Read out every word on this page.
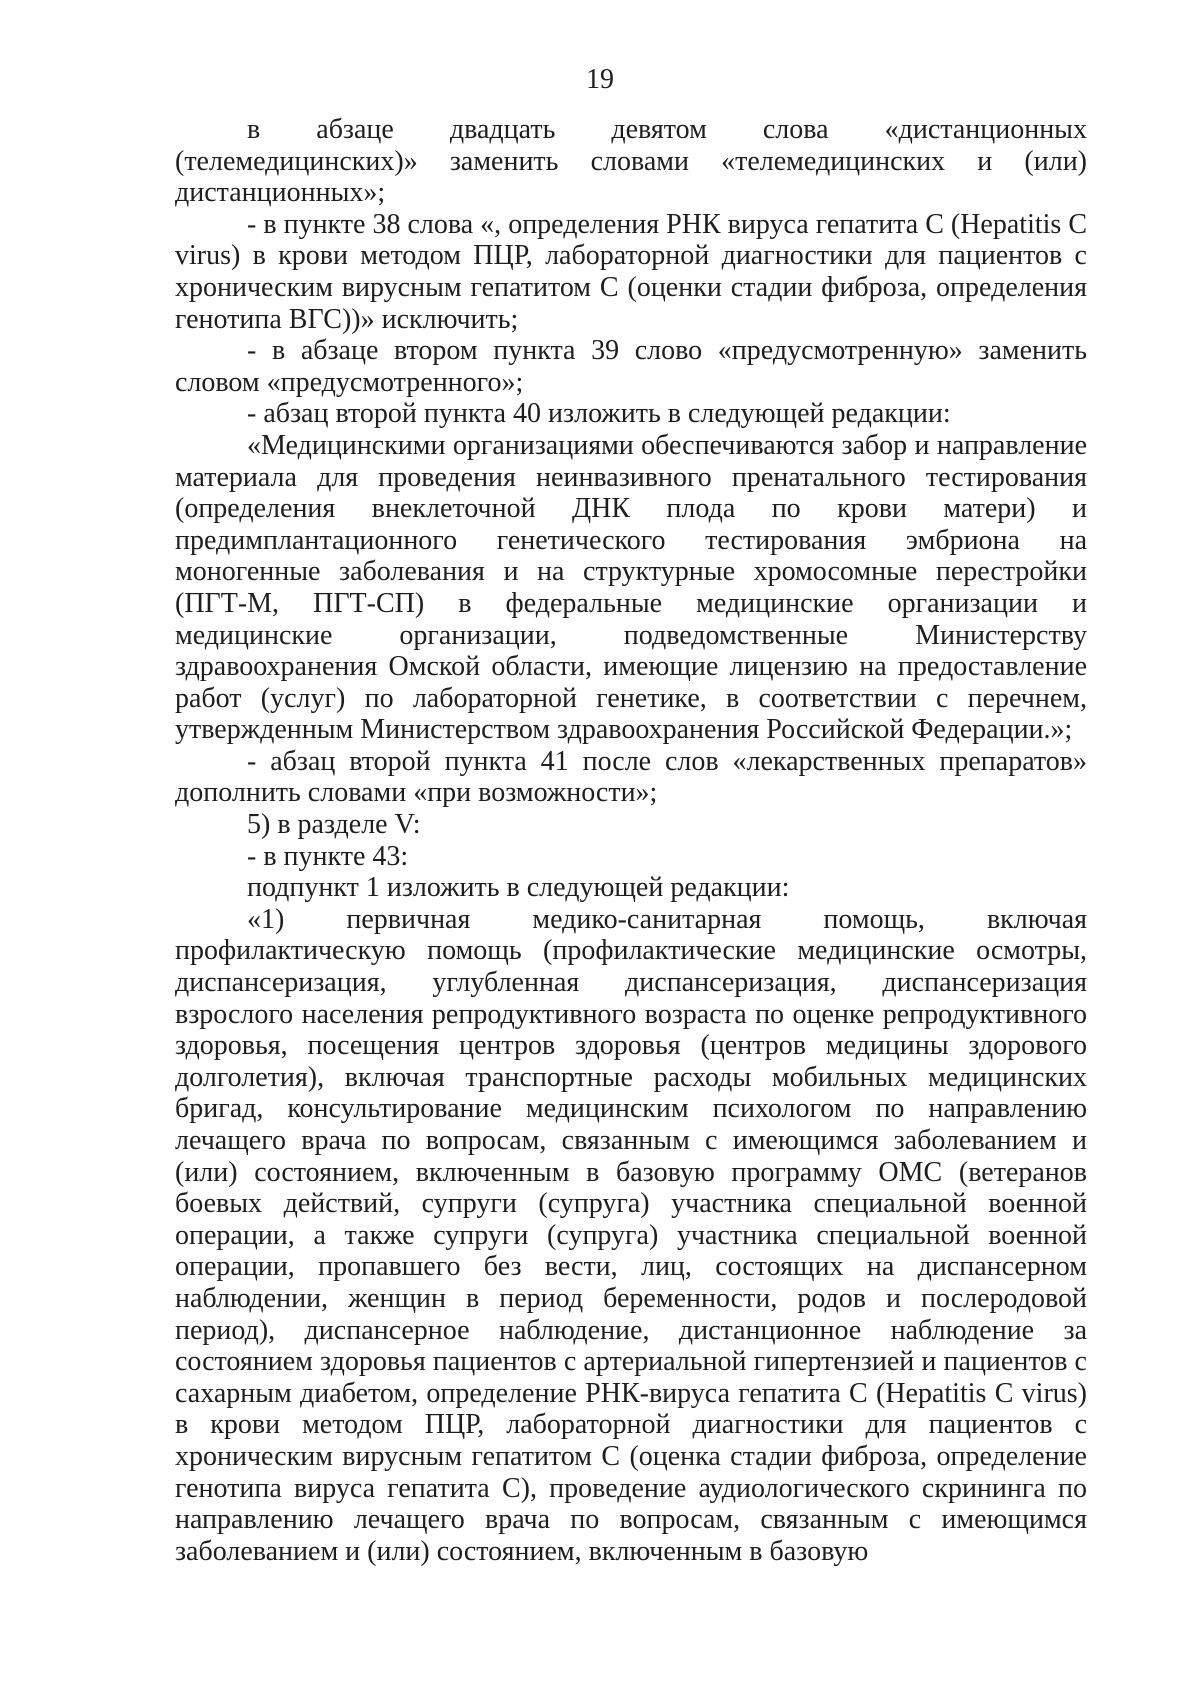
19

в абзаце двадцать девятом слова «дистанционных (телемедицинских)» заменить словами «телемедицинских и (или) дистанционных»;

- в пункте 38 слова «, определения РНК вируса гепатита С (Hepatitis С virus) в крови методом ПЦР, лабораторной диагностики для пациентов с хроническим вирусным гепатитом С (оценки стадии фиброза, определения генотипа ВГС))» исключить;

- в абзаце втором пункта 39 слово «предусмотренную» заменить словом «предусмотренного»;

- абзац второй пункта 40 изложить в следующей редакции:

«Медицинскими организациями обеспечиваются забор и направление материала для проведения неинвазивного пренатального тестирования (определения внеклеточной ДНК плода по крови матери) и предимплантационного генетического тестирования эмбриона на моногенные заболевания и на структурные хромосомные перестройки (ПГТ-М, ПГТ-СП) в федеральные медицинские организации и медицинские организации, подведомственные Министерству здравоохранения Омской области, имеющие лицензию на предоставление работ (услуг) по лабораторной генетике, в соответствии с перечнем, утвержденным Министерством здравоохранения Российской Федерации.»;

- абзац второй пункта 41 после слов «лекарственных препаратов» дополнить словами «при возможности»;

5) в разделе V:

- в пункте 43:

подпункт 1 изложить в следующей редакции:

«1) первичная медико-санитарная помощь, включая профилактическую помощь (профилактические медицинские осмотры, диспансеризация, углубленная диспансеризация, диспансеризация взрослого населения репродуктивного возраста по оценке репродуктивного здоровья, посещения центров здоровья (центров медицины здорового долголетия), включая транспортные расходы мобильных медицинских бригад, консультирование медицинским психологом по направлению лечащего врача по вопросам, связанным с имеющимся заболеванием и (или) состоянием, включенным в базовую программу ОМС (ветеранов боевых действий, супруги (супруга) участника специальной военной операции, а также супруги (супруга) участника специальной военной операции, пропавшего без вести, лиц, состоящих на диспансерном наблюдении, женщин в период беременности, родов и послеродовой период), диспансерное наблюдение, дистанционное наблюдение за состоянием здоровья пациентов с артериальной гипертензией и пациентов с сахарным диабетом, определение РНК-вируса гепатита С (Hepatitis С virus) в крови методом ПЦР, лабораторной диагностики для пациентов с хроническим вирусным гепатитом С (оценка стадии фиброза, определение генотипа вируса гепатита С), проведение аудиологического скрининга по направлению лечащего врача по вопросам, связанным с имеющимся заболеванием и (или) состоянием, включенным в базовую
